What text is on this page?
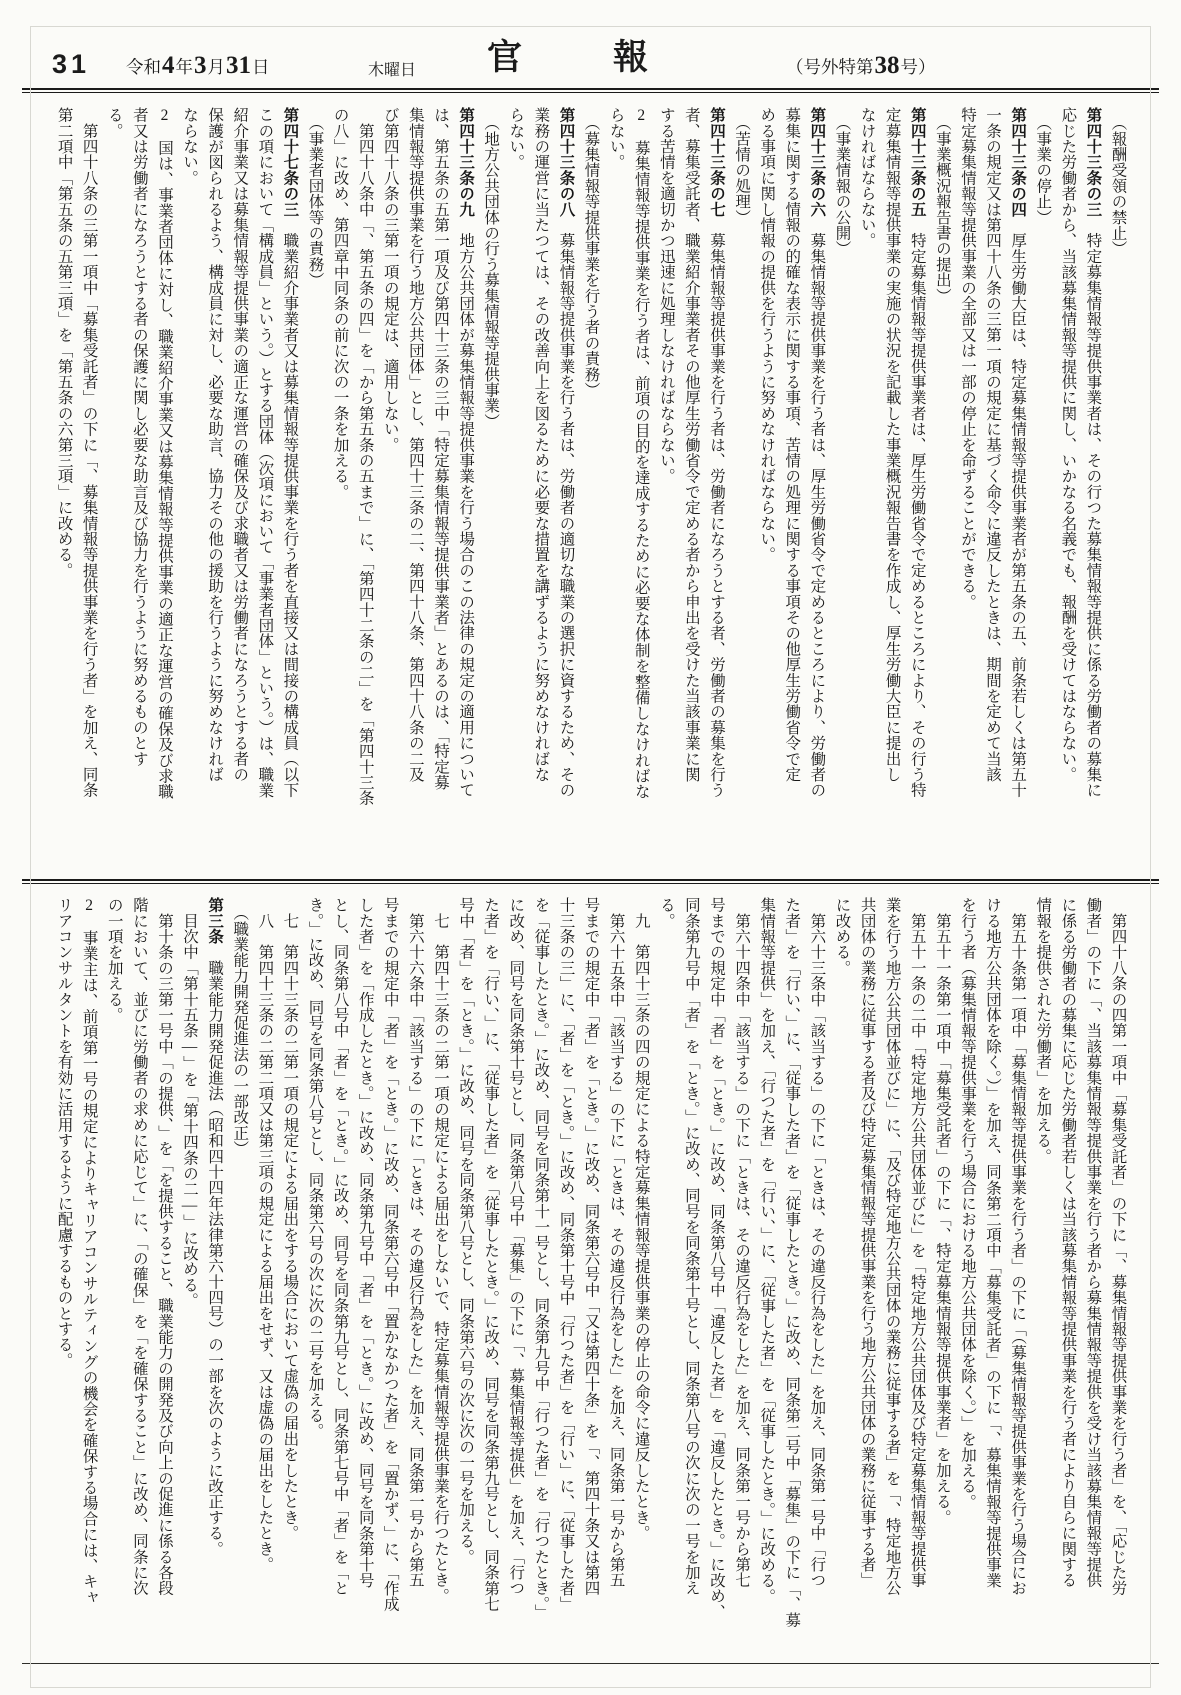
31 令和 4 年 3 月 31 日	木曜日 官報	（号外特第 38 号）
　（報酬受領の禁止）
第四十三条の三　特定募集情報等提供事業者は、その行つた募集情報等提供に係る労働者の募集に
応じた労働者から、当該募集情報等提供に関し、いかなる名義でも、報酬を受けてはならない。
　（事業の停止）
第四十三条の四　厚生労働大臣は、特定募集情報等提供事業者が第五条の五、前条若しくは第五十
一条の規定又は第四十八条の三第一項の規定に基づく命令に違反したときは、期間を定めて当該
特定募集情報等提供事業の全部又は一部の停止を命ずることができる。
　（事業概況報告書の提出）
第四十三条の五　特定募集情報等提供事業者は、厚生労働省令で定めるところにより、その行う特
定募集情報等提供事業の実施の状況を記載した事業概況報告書を作成し、厚生労働大臣に提出し
なければならない。
　（事業情報の公開）
第四十三条の六　募集情報等提供事業を行う者は、厚生労働省令で定めるところにより、労働者の
募集に関する情報の的確な表示に関する事項、苦情の処理に関する事項その他厚生労働省令で定
める事項に関し情報の提供を行うように努めなければならない。
　（苦情の処理）
第四十三条の七　募集情報等提供事業を行う者は、労働者になろうとする者、労働者の募集を行う
者、募集受託者、職業紹介事業者その他厚生労働省令で定める者から申出を受けた当該事業に関
する苦情を適切かつ迅速に処理しなければならない。
2　募集情報等提供事業を行う者は、前項の目的を達成するために必要な体制を整備しなければな
らない。
　（募集情報等提供事業を行う者の責務）
第四十三条の八　募集情報等提供事業を行う者は、労働者の適切な職業の選択に資するため、その
業務の運営に当たつては、その改善向上を図るために必要な措置を講ずるように努めなければな
らない。
　（地方公共団体の行う募集情報等提供事業）
第四十三条の九　地方公共団体が募集情報等提供事業を行う場合のこの法律の規定の適用について
は、第五条の五第一項及び第四十三条の三中「特定募集情報等提供事業者」とあるのは、「特定募
集情報等提供事業を行う地方公共団体」とし、第四十三条の二、第四十八条、第四十八条の二及
び第四十八条の三第一項の規定は、適用しない。
　第四十八条中「、第五条の四」を「から第五条の五まで」に、「第四十二条の二」を「第四十三条
の八」に改め、第四章中同条の前に次の一条を加える。
　（事業者団体等の責務）
第四十七条の三　職業紹介事業者又は募集情報等提供事業を行う者を直接又は間接の構成員（以下
この項において「構成員」という。）とする団体（次項において「事業者団体」という。）は、職業
紹介事業又は募集情報等提供事業の適正な運営の確保及び求職者又は労働者になろうとする者の
保護が図られるよう、構成員に対し、必要な助言、協力その他の援助を行うように努めなければ
ならない。
2　国は、事業者団体に対し、職業紹介事業又は募集情報等提供事業の適正な運営の確保及び求職
者又は労働者になろうとする者の保護に関し必要な助言及び協力を行うように努めるものとす
る。
　第四十八条の三第一項中「募集受託者」の下に「、募集情報等提供事業を行う者」を加え、同条
第二項中「第五条の五第三項」を「第五条の六第三項」に改める。
　第四十八条の四第一項中「募集受託者」の下に「、募集情報等提供事業を行う者」を、「応じた労
働者」の下に「、当該募集情報等提供事業を行う者から募集情報等提供を受け当該募集情報等提供
に係る労働者の募集に応じた労働者若しくは当該募集情報等提供事業を行う者により自らに関する
情報を提供された労働者」を加える。
　第五十条第一項中「募集情報等提供事業を行う者」の下に「（募集情報等提供事業を行う場合にお
ける地方公共団体を除く。）」を加え、同条第二項中「募集受託者」の下に「、募集情報等提供事業
を行う者（募集情報等提供事業を行う場合における地方公共団体を除く。）」を加える。
　第五十一条第一項中「募集受託者」の下に「、特定募集情報等提供事業者」を加える。
　第五十一条の二中「特定地方公共団体並びに」を「特定地方公共団体及び特定募集情報等提供事
業を行う地方公共団体並びに」に、「及び特定地方公共団体の業務に従事する者」を「、特定地方公
共団体の業務に従事する者及び特定募集情報等提供事業を行う地方公共団体の業務に従事する者」
に改める。
　第六十三条中「該当する」の下に「ときは、その違反行為をした」を加え、同条第一号中「行つ
た者」を「行い、」に、「従事した者」を「従事したとき。」に改め、同条第二号中「募集」の下に「、募
集情報等提供」を加え、「行つた者」を「行い、」に、「従事した者」を「従事したとき。」に改める。
　第六十四条中「該当する」の下に「ときは、その違反行為をした」を加え、同条第一号から第七
号までの規定中「者」を「とき。」に改め、同条第八号中「違反した者」を「違反したとき。」に改め、
同条第九号中「者」を「とき。」に改め、同号を同条第十号とし、同条第八号の次に次の一号を加え
る。
　九　第四十三条の四の規定による特定募集情報等提供事業の停止の命令に違反したとき。
　第六十五条中「該当する」の下に「ときは、その違反行為をした」を加え、同条第一号から第五
号までの規定中「者」を「とき。」に改め、同条第六号中「又は第四十条」を「、第四十条又は第四
十三条の三」に、「者」を「とき。」に改め、同条第十号中「行つた者」を「行い」に、「従事した者」
を「従事したとき。」に改め、同号を同条第十一号とし、同条第九号中「行つた者」を「行つたとき。」
に改め、同号を同条第十号とし、同条第八号中「募集」の下に「、募集情報等提供」を加え、「行つ
た者」を「行い、」に、「従事した者」を「従事したとき。」に改め、同号を同条第九号とし、同条第七
号中「者」を「とき。」に改め、同号を同条第八号とし、同条第六号の次に次の一号を加える。
　七　第四十三条の二第一項の規定による届出をしないで、特定募集情報等提供事業を行つたとき。
　第六十六条中「該当する」の下に「ときは、その違反行為をした」を加え、同条第一号から第五
号までの規定中「者」を「とき。」に改め、同条第六号中「置かなかつた者」を「置かず、」に、「作成
した者」を「作成したとき。」に改め、同条第九号中「者」を「とき。」に改め、同号を同条第十号
とし、同条第八号中「者」を「とき。」に改め、同号を同条第九号とし、同条第七号中「者」を「と
き。」に改め、同号を同条第八号とし、同条第六号の次に次の二号を加える。
　七　第四十三条の二第一項の規定による届出をする場合において虚偽の届出をしたとき。
　八　第四十三条の二第二項又は第三項の規定による届出をせず、又は虚偽の届出をしたとき。
　（職業能力開発促進法の一部改正）
第三条　職業能力開発促進法（昭和四十四年法律第六十四号）の一部を次のように改正する。
　目次中「第十五条―」を「第十四条の二―」に改める。
　第十条の三第一号中「の提供、」を「を提供すること、職業能力の開発及び向上の促進に係る各段
階において、並びに労働者の求めに応じて」に、「の確保」を「を確保すること」に改め、同条に次
の一項を加える。
2　事業主は、前項第一号の規定によりキャリアコンサルティングの機会を確保する場合には、キャ
リアコンサルタントを有効に活用するように配慮するものとする。
